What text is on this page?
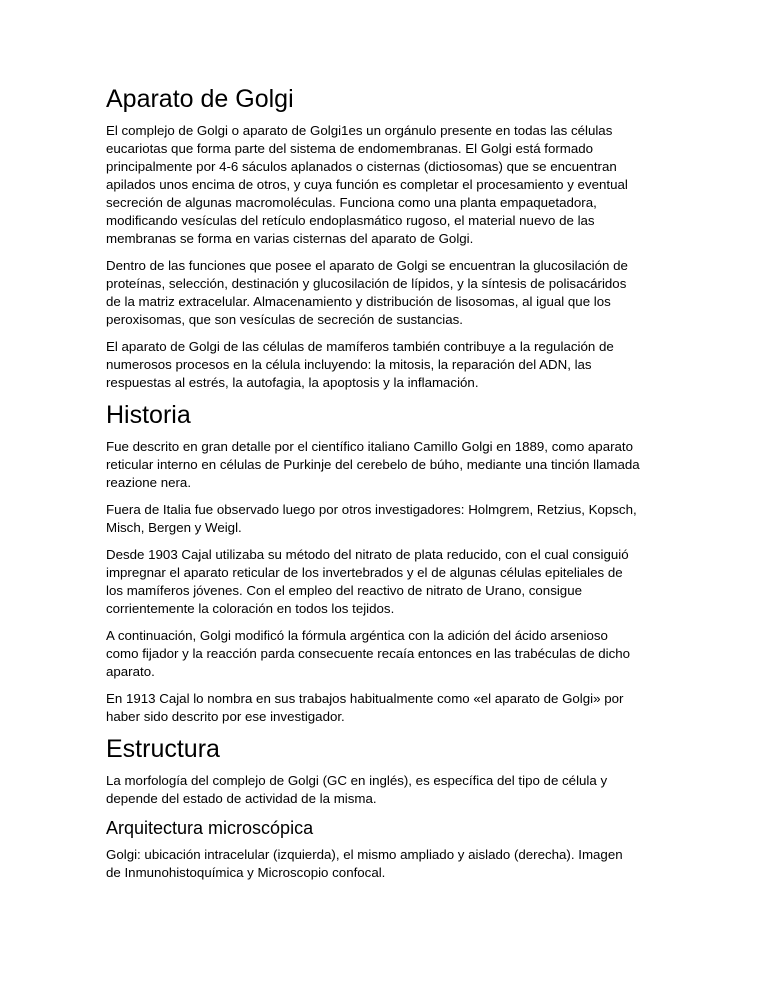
Aparato de Golgi

El complejo de Golgi o aparato de Golgi1es un orgánulo presente en todas las células
eucariotas que forma parte del sistema de endomembranas. El Golgi está formado
principalmente por 4-6 sáculos aplanados o cisternas (dictiosomas) que se encuentran
apilados unos encima de otros, y cuya función es completar el procesamiento y eventual
secreción de algunas macromoléculas. Funciona como una planta empaquetadora,
modificando vesículas del retículo endoplasmático rugoso, el material nuevo de las
membranas se forma en varias cisternas del aparato de Golgi.

Dentro de las funciones que posee el aparato de Golgi se encuentran la glucosilación de
proteínas, selección, destinación y glucosilación de lípidos, y la síntesis de polisacáridos
de la matriz extracelular. Almacenamiento y distribución de lisosomas, al igual que los
peroxisomas, que son vesículas de secreción de sustancias.

El aparato de Golgi de las células de mamíferos también contribuye a la regulación de
numerosos procesos en la célula incluyendo: la mitosis, la reparación del ADN, las
respuestas al estrés, la autofagia, la apoptosis y la inflamación.

Historia

Fue descrito en gran detalle por el científico italiano Camillo Golgi en 1889, como aparato
reticular interno en células de Purkinje del cerebelo de búho, mediante una tinción llamada
reazione nera.

Fuera de Italia fue observado luego por otros investigadores: Holmgrem, Retzius, Kopsch,
Misch, Bergen y Weigl.

Desde 1903 Cajal utilizaba su método del nitrato de plata reducido, con el cual consiguió
impregnar el aparato reticular de los invertebrados y el de algunas células epiteliales de
los mamíferos jóvenes. Con el empleo del reactivo de nitrato de Urano, consigue
corrientemente la coloración en todos los tejidos.

A continuación, Golgi modificó la fórmula argéntica con la adición del ácido arsenioso
como fijador y la reacción parda consecuente recaía entonces en las trabéculas de dicho
aparato.

En 1913 Cajal lo nombra en sus trabajos habitualmente como «el aparato de Golgi» por
haber sido descrito por ese investigador.

Estructura

La morfología del complejo de Golgi (GC en inglés), es específica del tipo de célula y
depende del estado de actividad de la misma.

Arquitectura microscópica

Golgi: ubicación intracelular (izquierda), el mismo ampliado y aislado (derecha). Imagen
de Inmunohistoquímica y Microscopio confocal.
